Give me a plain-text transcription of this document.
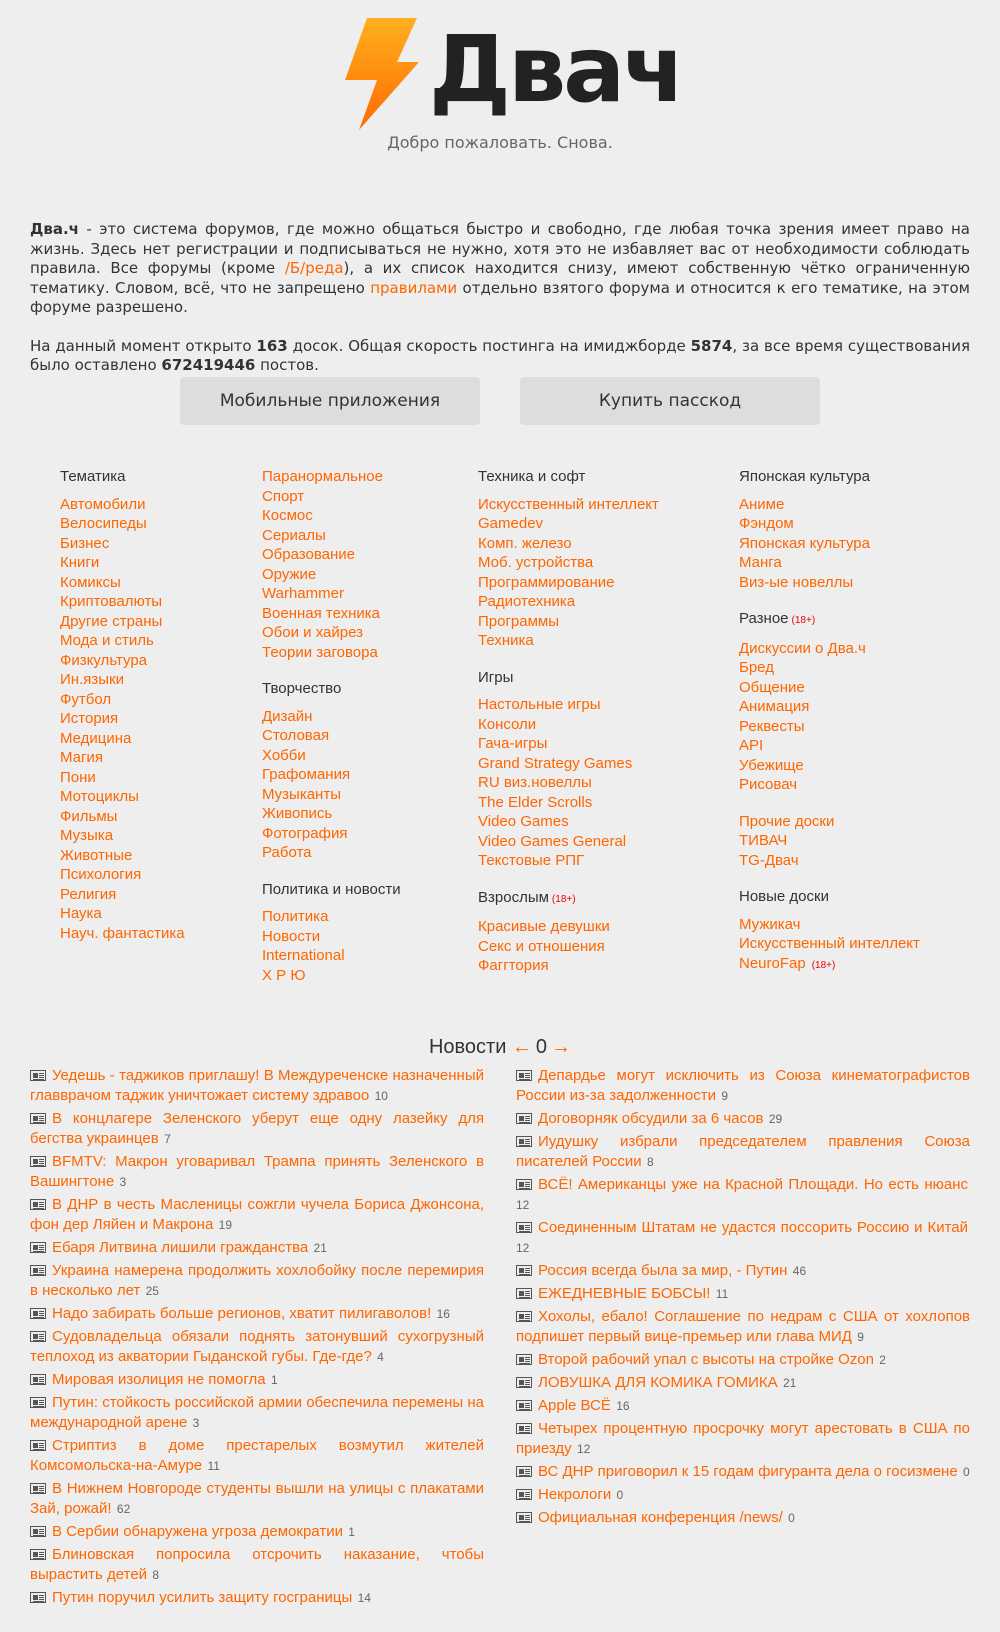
Двач
Добро пожаловать. Снова.

Два.ч - это система форумов, где можно общаться быстро и свободно, где любая точка зрения имеет право на жизнь. Здесь нет регистрации и подписываться не нужно, хотя это не избавляет вас от необходимости соблюдать правила. Все форумы (кроме /Б/реда), а их список находится снизу, имеют собственную чётко ограниченную тематику. Словом, всё, что не запрещено правилами отдельно взятого форума и относится к его тематике, на этом форуме разрешено.

На данный момент открыто 163 досок. Общая скорость постинга на имиджборде 5874, за все время существования было оставлено 672419446 постов.

Мобильные приложения	Купить пасскод
Тематика
Автомобили
Велосипеды
Бизнес
Книги
Комиксы
Криптовалюты
Другие страны
Мода и стиль
Физкультура
Ин.языки
Футбол
История
Медицина
Магия
Пони
Мотоциклы
Фильмы
Музыка
Животные
Психология
Религия
Наука
Науч. фантастика
Паранормальное
Спорт
Космос
Сериалы
Образование
Оружие
Warhammer
Военная техника
Обои и хайрез
Теории заговора
Творчество
Дизайн
Столовая
Хобби
Графомания
Музыканты
Живопись
Фотография
Работа
Политика и новости
Политика
Новости
International
Х Р Ю
Техника и софт
Искусственный интеллект
Gamedev
Комп. железо
Моб. устройства
Программирование
Радиотехника
Программы
Техника
Игры
Настольные игры
Консоли
Гача-игры
Grand Strategy Games
RU виз.новеллы
The Elder Scrolls
Video Games
Video Games General
Текстовые РПГ
Взрослым (18+)
Красивые девушки
Секс и отношения
Фаггтория
Японская культура
Аниме
Фэндом
Японская культура
Манга
Виз-ые новеллы
Разное (18+)
Дискуссии о Два.ч
Бред
Общение
Анимация
Реквесты
API
Убежище
Рисовач
Прочие доски
ТИВАЧ
TG-Двач
Новые доски
Мужикач
Искусственный интеллект
NeuroFap (18+)
Новости ← 0 →
Уедешь - таджиков приглашу! В Междуреченске назначенный главврачом таджик уничтожает систему здравоо 10
В концлагере Зеленского уберут еще одну лазейку для бегства украинцев 7
BFMTV: Макрон уговаривал Трампа принять Зеленского в Вашингтоне 3
В ДНР в честь Масленицы сожгли чучела Бориса Джонсона, фон дер Ляйен и Макрона 19
Ебаря Литвина лишили гражданства 21
Украина намерена продолжить хохлобойку после перемирия в несколько лет 25
Надо забирать больше регионов, хватит пилигаволов! 16
Судовладельца обязали поднять затонувший сухогрузный теплоход из акватории Гыданской губы. Где-где? 4
Мировая изолиция не помогла 1
Путин: стойкость российской армии обеспечила перемены на международной арене 3
Стриптиз в доме престарелых возмутил жителей Комсомольска-на-Амуре 11
В Нижнем Новгороде студенты вышли на улицы с плакатами Зай, рожай! 62
В Сербии обнаружена угроза демократии 1
Блиновская попросила отсрочить наказание, чтобы вырастить детей 8
Путин поручил усилить защиту госграницы 14
Депардье могут исключить из Союза кинематографистов России из-за задолженности 9
Договорняк обсудили за 6 часов 29
Иудушку избрали председателем правления Союза писателей России 8
ВСЁ! Американцы уже на Красной Площади. Но есть нюанс 12
Соединенным Штатам не удастся поссорить Россию и Китай 12
Россия всегда была за мир, - Путин 46
ЕЖЕДНЕВНЫЕ БОБСЫ! 11
Хохолы, ебало! Соглашение по недрам с США от хохлопов подпишет первый вице-премьер или глава МИД 9
Второй рабочий упал с высоты на стройке Ozon 2
ЛОВУШКА ДЛЯ КОМИКА ГОМИКА 21
Apple ВСЁ 16
Четырех процентную просрочку могут арестовать в США по приезду 12
ВС ДНР приговорил к 15 годам фигуранта дела о госизмене 0
Некрологи 0
Официальная конференция /news/ 0
